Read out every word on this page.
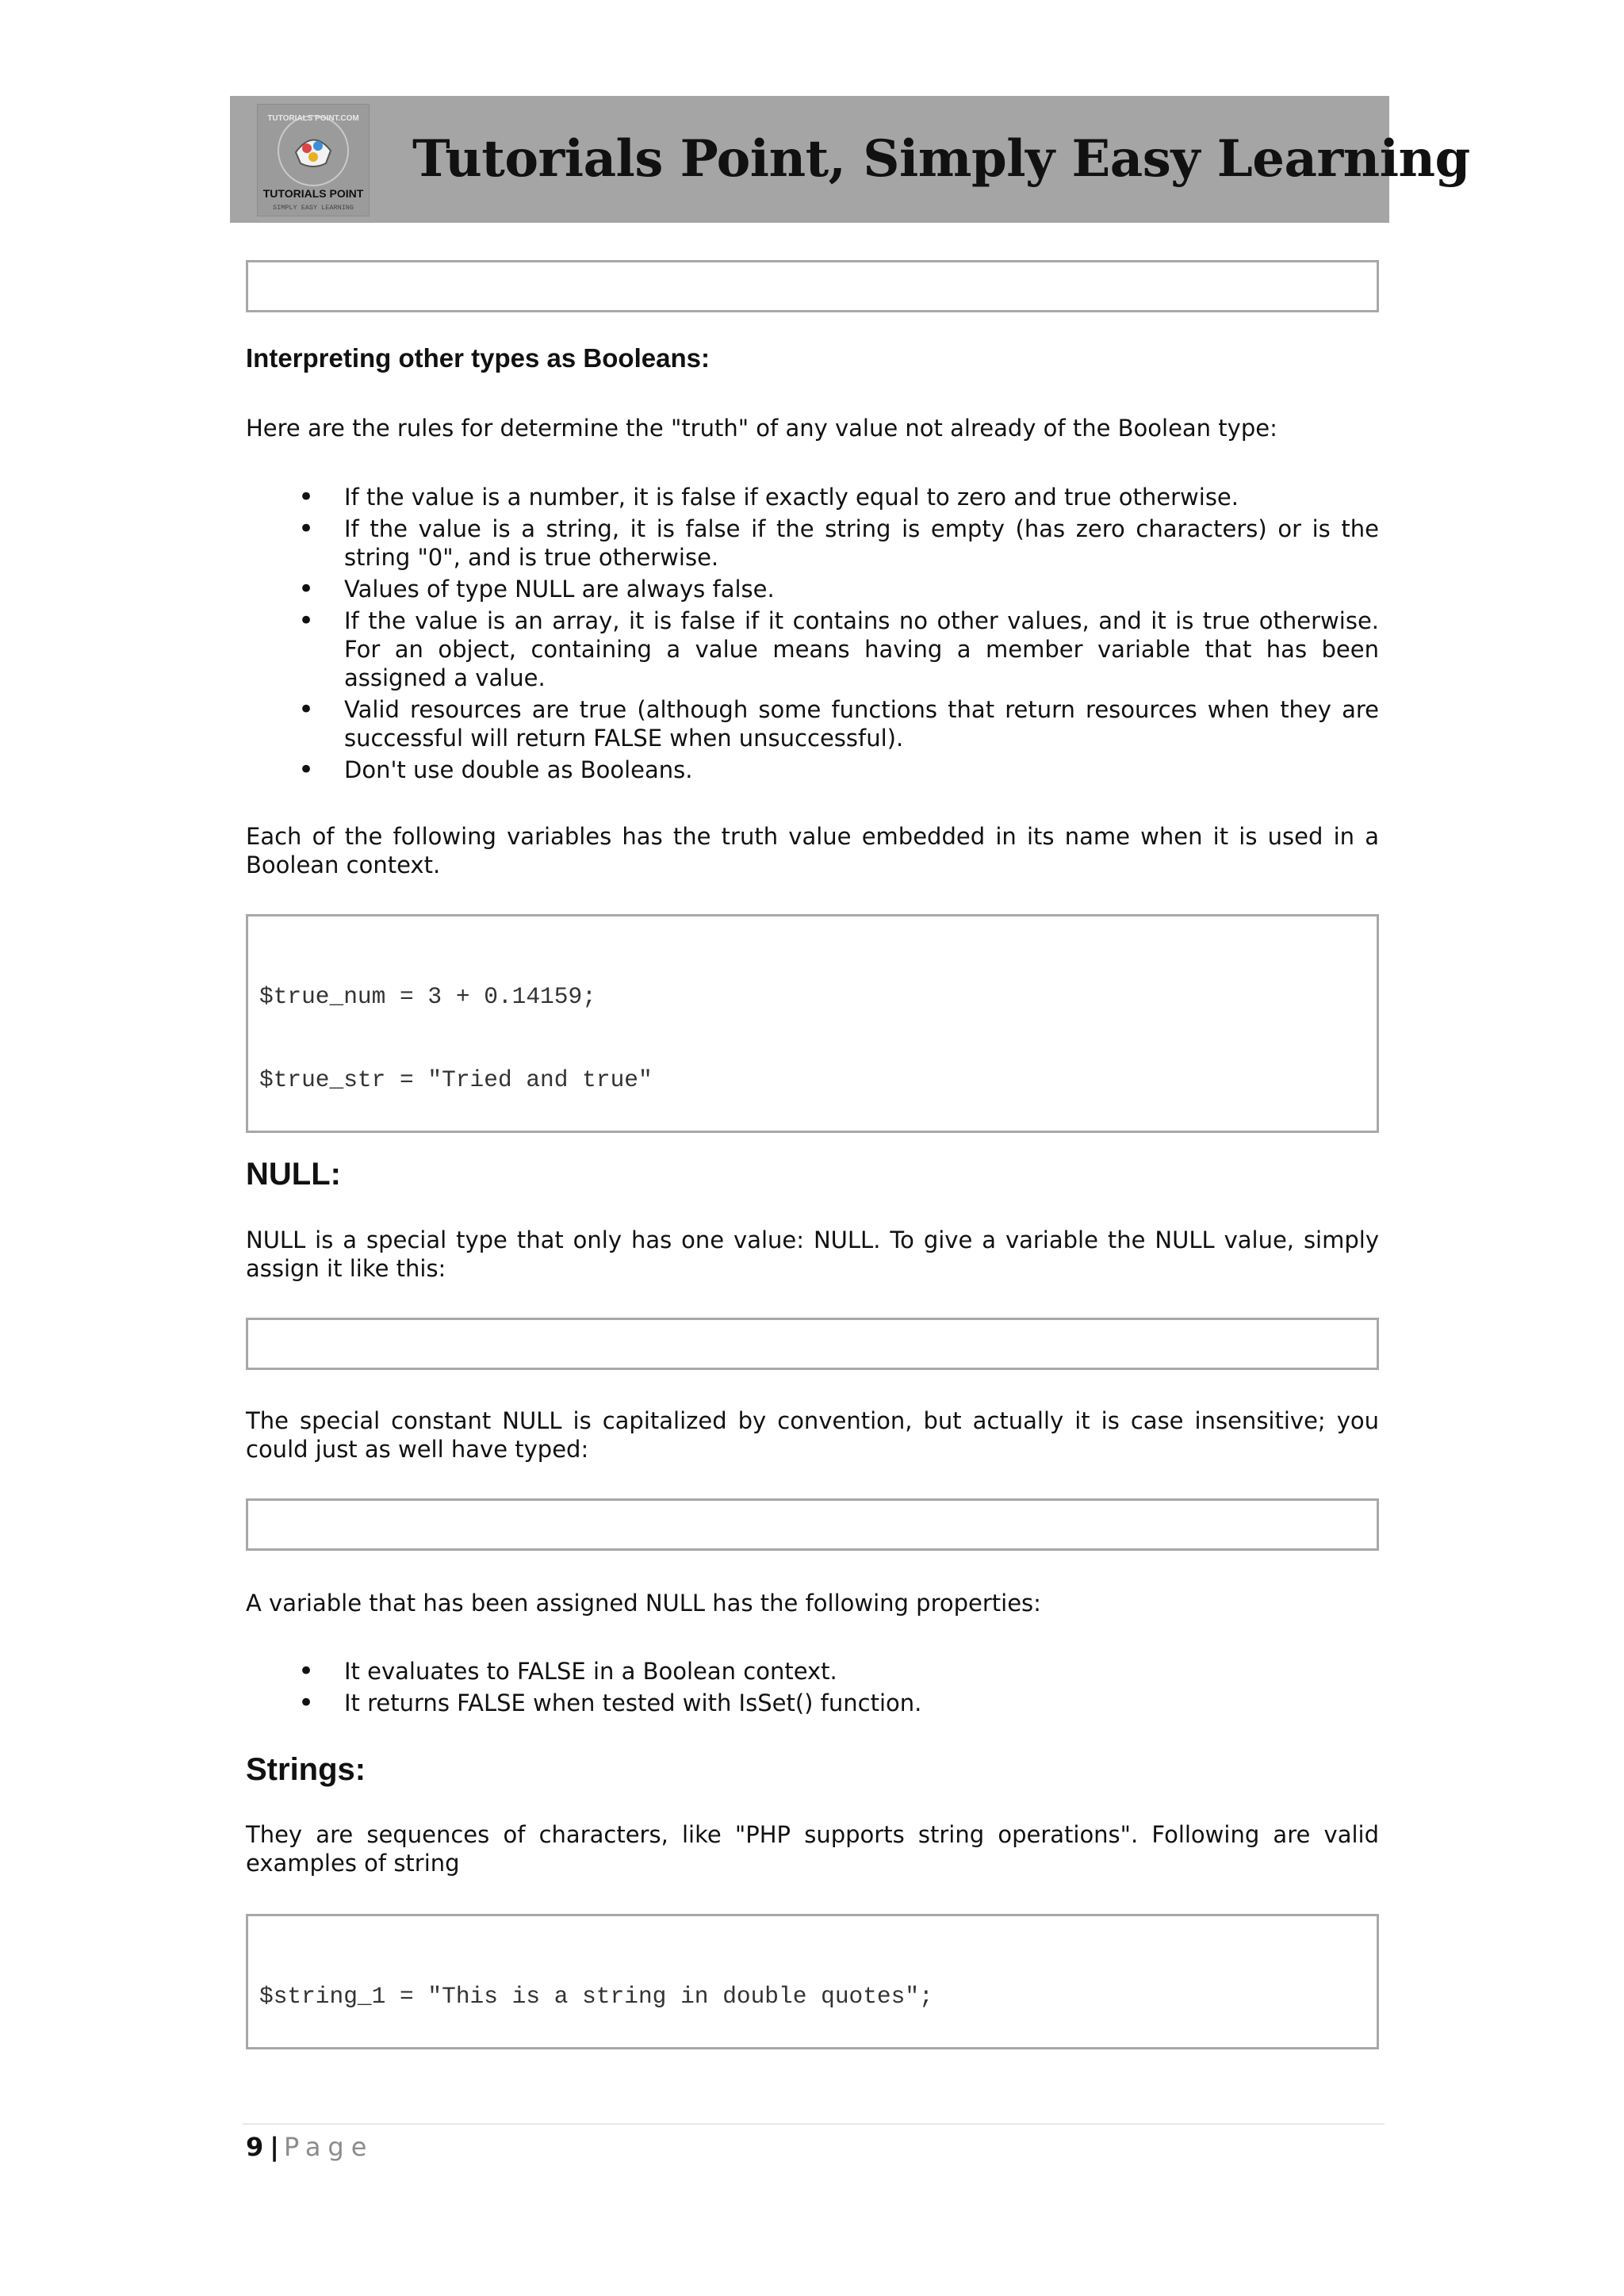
TUTORIALS POINT
SIMPLY EASY LEARNING
TUTORIALS POINT.COM
Tutorials Point, Simply Easy Learning

Interpreting other types as Booleans:

Here are the rules for determine the "truth" of any value not already of the Boolean type:

• If the value is a number, it is false if exactly equal to zero and true otherwise.
• If the value is a string, it is false if the string is empty (has zero characters) or is the string "0", and is true otherwise.
• Values of type NULL are always false.
• If the value is an array, it is false if it contains no other values, and it is true otherwise. For an object, containing a value means having a member variable that has been assigned a value.
• Valid resources are true (although some functions that return resources when they are successful will return FALSE when unsuccessful).
• Don't use double as Booleans.

Each of the following variables has the truth value embedded in its name when it is used in a Boolean context.

$true_num = 3 + 0.14159;

$true_str = "Tried and true"

NULL:

NULL is a special type that only has one value: NULL. To give a variable the NULL value, simply assign it like this:

The special constant NULL is capitalized by convention, but actually it is case insensitive; you could just as well have typed:

A variable that has been assigned NULL has the following properties:

• It evaluates to FALSE in a Boolean context.
• It returns FALSE when tested with IsSet() function.
Strings:

They are sequences of characters, like "PHP supports string operations". Following are valid examples of string

$string_1 = "This is a string in double quotes";

9 | Page
